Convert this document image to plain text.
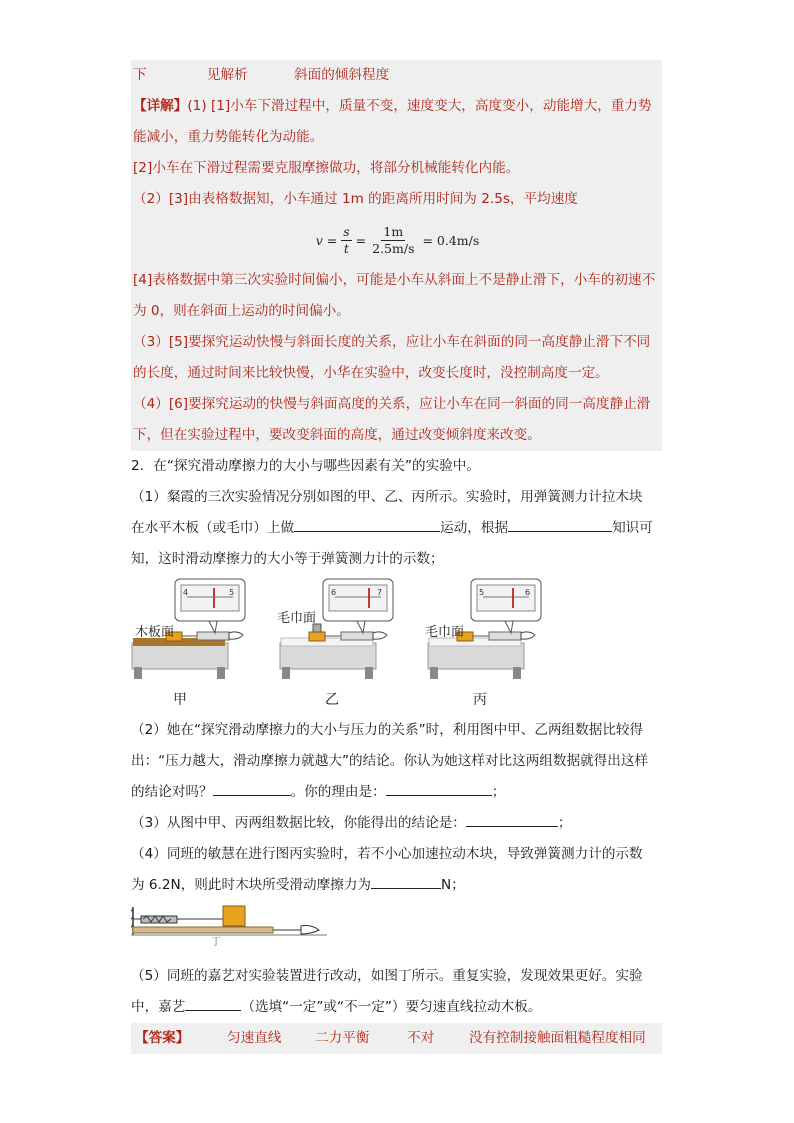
下	见解析	斜面的倾斜程度
【详解】(1) [1]小车下滑过程中，质量不变，速度变大，高度变小，动能增大，重力势
能减小，重力势能转化为动能。
[2]小车在下滑过程需要克服摩擦做功，将部分机械能转化内能。
（2）[3]由表格数据知，小车通过 1m 的距离所用时间为 2.5s，平均速度
$v = \frac{s}{t} = \frac{1m}{2.5m/s} = 0.4m/s$
[4]表格数据中第三次实验时间偏小，可能是小车从斜面上不是静止滑下，小车的初速不
为 0，则在斜面上运动的时间偏小。
（3）[5]要探究运动快慢与斜面长度的关系，应让小车在斜面的同一高度静止滑下不同
的长度，通过时间来比较快慢，小华在实验中，改变长度时，没控制高度一定。
（4）[6]要探究运动的快慢与斜面高度的关系，应让小车在同一斜面的同一高度静止滑
下，但在实验过程中，要改变斜面的高度，通过改变倾斜度来改变。
2．在“探究滑动摩擦力的大小与哪些因素有关”的实验中。
（1）粲霞的三次实验情况分别如图的甲、乙、丙所示。实验时，用弹簧测力计拉木块
在水平木板（或毛巾）上做	运动，根据	知识可
知，这时滑动摩擦力的大小等于弹簧测力计的示数；
4	5
木板面
甲
6	7
毛巾面
乙
5	6
毛巾面
丙
（2）她在“探究滑动摩擦力的大小与压力的关系”时，利用图中甲、乙两组数据比较得
出：“压力越大，滑动摩擦力就越大”的结论。你认为她这样对比这两组数据就得出这样
的结论对吗？	。你的理由是：	；
（3）从图中甲、丙两组数据比较，你能得出的结论是：	；
（4）同班的敏慧在进行图丙实验时，若不小心加速拉动木块，导致弹簧测力计的示数
为 6.2N，则此时木块所受滑动摩擦力为	N；
丁
（5）同班的嘉艺对实验装置进行改动，如图丁所示。重复实验，发现效果更好。实验
中，嘉艺	（选填“一定”或“不一定”）要匀速直线拉动木板。
【答案】	匀速直线 二力平衡	不对	没有控制接触面粗糙程度相同
